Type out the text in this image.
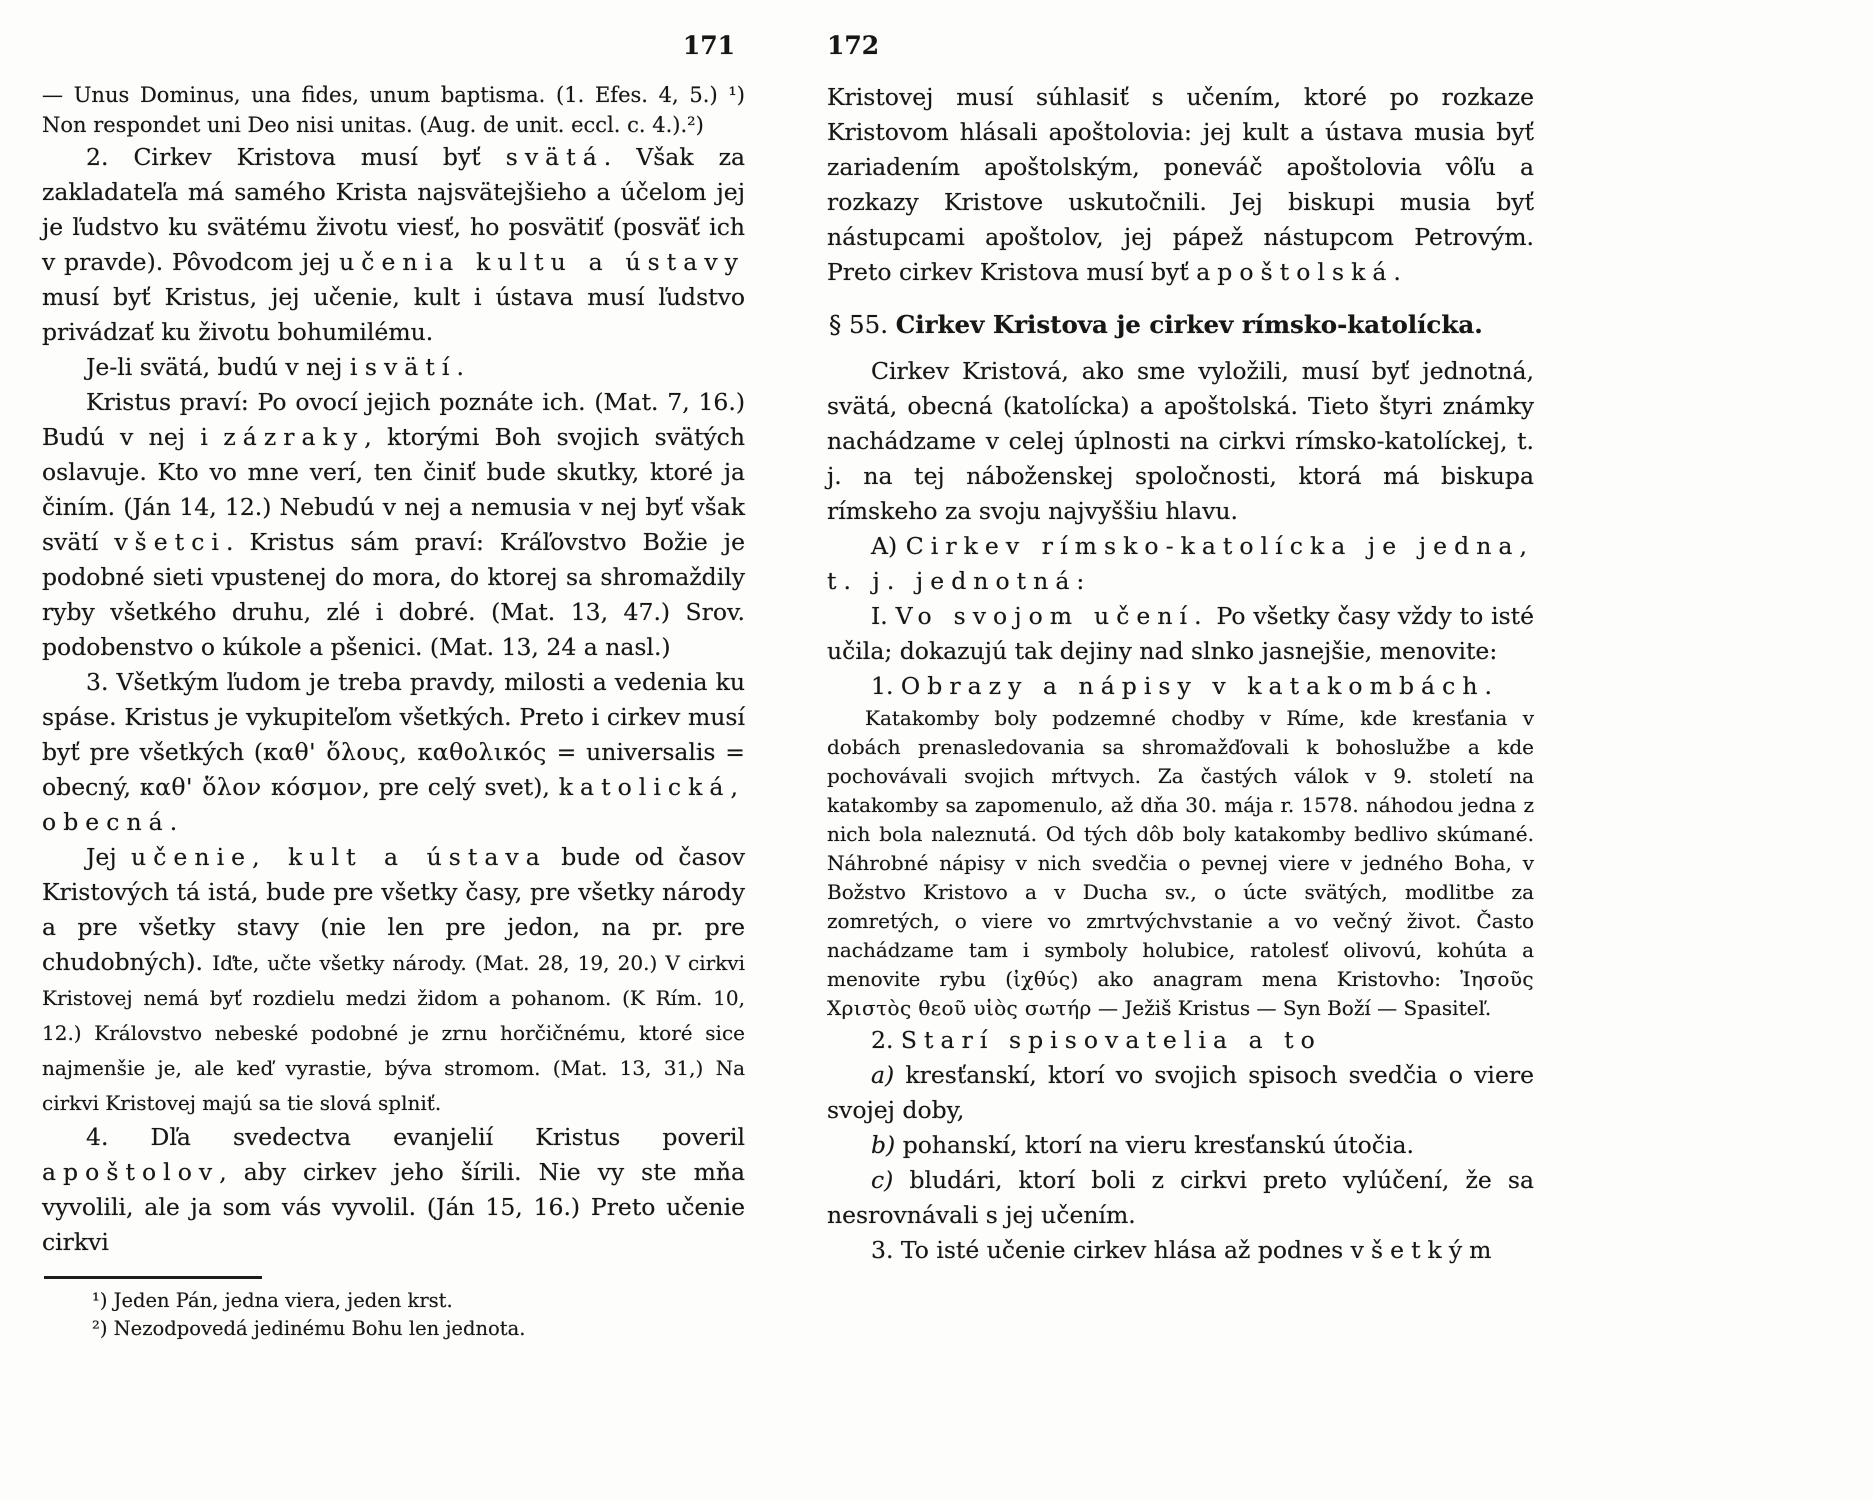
171

— Unus Dominus, una fides, unum baptisma. (1. Efes. 4, 5.) ¹) Non respondet uni Deo nisi unitas. (Aug. de unit. eccl. c. 4.).²)

2. Cirkev Kristova musí byť svätá. Však za zakladateľa má samého Krista najsvätejšieho a účelom jej je ľudstvo ku svätému životu viesť, ho posvätiť (posväť ich v pravde). Pôvodcom jej učenia kultu a ústavy musí byť Kristus, jej učenie, kult i ústava musí ľudstvo privádzať ku životu bohumilému.

Je-li svätá, budú v nej i svätí.

Kristus praví: Po ovocí jejich poznáte ich. (Mat. 7, 16.) Budú v nej i zázraky, ktorými Boh svojich svätých oslavuje. Kto vo mne verí, ten činiť bude skutky, ktoré ja činím. (Ján 14, 12.) Nebudú v nej a nemusia v nej byť však svätí všetci. Kristus sám praví: Kráľovstvo Božie je podobné sieti vpustenej do mora, do ktorej sa shromaždily ryby všetkého druhu, zlé i dobré. (Mat. 13, 47.) Srov. podobenstvo o kúkole a pšenici. (Mat. 13, 24 a nasl.)

3. Všetkým ľudom je treba pravdy, milosti a vedenia ku spáse. Kristus je vykupiteľom všetkých. Preto i cirkev musí byť pre všetkých (καθ' ὅλους, καθολικός = universalis = obecný, καθ' ὅλον κόσμον, pre celý svet), katolická, obecná.

Jej učenie, kult a ústava bude od časov Kristových tá istá, bude pre všetky časy, pre všetky národy a pre všetky stavy (nie len pre jedon, na pr. pre chudobných). Iďte, učte všetky národy. (Mat. 28, 19, 20.) V cirkvi Kristovej nemá byť rozdielu medzi židom a pohanom. (K Rím. 10, 12.) Královstvo nebeské podobné je zrnu horčičnému, ktoré sice najmenšie je, ale keď vyrastie, býva stromom. (Mat. 13, 31,) Na cirkvi Kristovej majú sa tie slová splniť.

4. Dľa svedectva evanjelií Kristus poveril apoštolov, aby cirkev jeho šírili. Nie vy ste mňa vyvolili, ale ja som vás vyvolil. (Ján 15, 16.) Preto učenie cirkvi

¹) Jeden Pán, jedna viera, jeden krst.

²) Nezodpovedá jedinému Bohu len jednota.

172

Kristovej musí súhlasiť s učením, ktoré po rozkaze Kristovom hlásali apoštolovia: jej kult a ústava musia byť zariadením apoštolským, poneváč apoštolovia vôľu a rozkazy Kristove uskutočnili. Jej biskupi musia byť nástupcami apoštolov, jej pápež nástupcom Petrovým. Preto cirkev Kristova musí byť apoštolská.

§ 55. Cirkev Kristova je cirkev rímsko-katolícka.

Cirkev Kristová, ako sme vyložili, musí byť jednotná, svätá, obecná (katolícka) a apoštolská. Tieto štyri známky nachádzame v celej úplnosti na cirkvi rímsko-katolíckej, t. j. na tej náboženskej spoločnosti, ktorá má biskupa rímskeho za svoju najvyššiu hlavu.

A) Cirkev rímsko-katolícka je jedna, t. j. jednotná:

I. Vo svojom učení. Po všetky časy vždy to isté učila; dokazujú tak dejiny nad slnko jasnejšie, menovite:

1. Obrazy a nápisy v katakombách.

Katakomby boly podzemné chodby v Ríme, kde kresťania v dobách prenasledovania sa shromažďovali k bohoslužbe a kde pochovávali svojich mŕtvych. Za častých válok v 9. století na katakomby sa zapomenulo, až dňa 30. mája r. 1578. náhodou jedna z nich bola naleznutá. Od tých dôb boly katakomby bedlivo skúmané. Náhrobné nápisy v nich svedčia o pevnej viere v jedného Boha, v Božstvo Kristovo a v Ducha sv., o úcte svätých, modlitbe za zomretých, o viere vo zmrtvýchvstanie a vo večný život. Často nachádzame tam i symboly holubice, ratolesť olivovú, kohúta a menovite rybu (ἰχθύς) ako anagram mena Kristovho: Ἰησοῦς Χριστὸς θεοῦ υἱὸς σωτήρ — Ježiš Kristus — Syn Boží — Spasiteľ.

2. Starí spisovatelia a to

a) kresťanskí, ktorí vo svojich spisoch svedčia o viere svojej doby,

b) pohanskí, ktorí na vieru kresťanskú útočia.

c) bludári, ktorí boli z cirkvi preto vylúčení, že sa nesrovnávali s jej učením.

3. To isté učenie cirkev hlása až podnes všetkým
